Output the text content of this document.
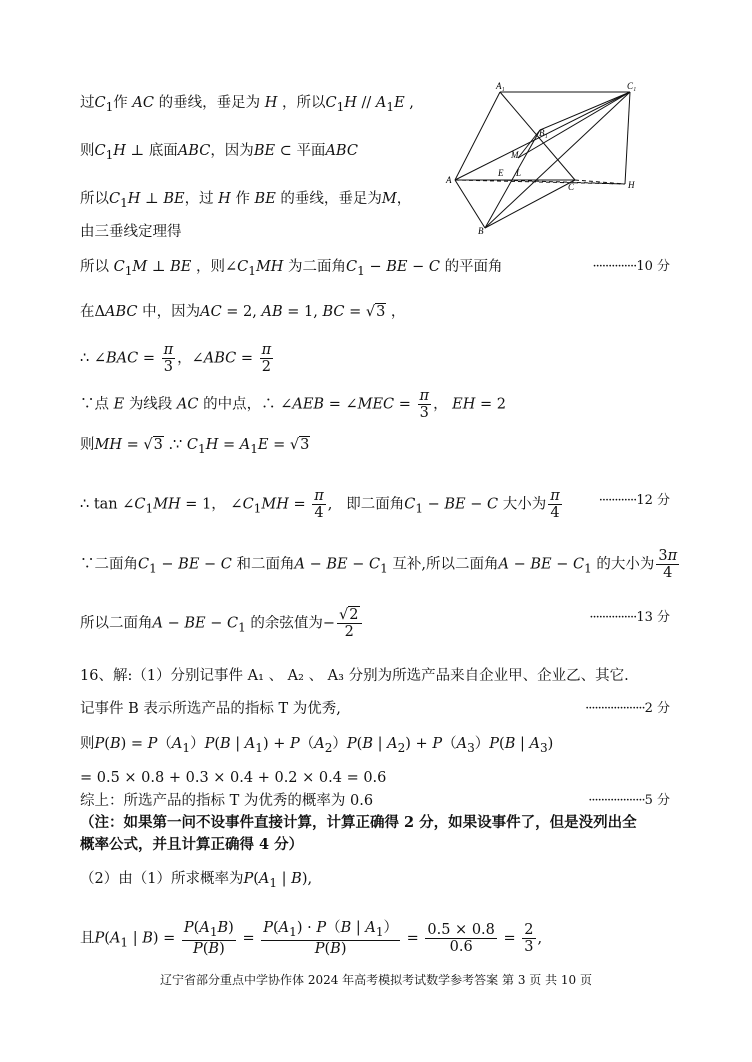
A₁	C₁
B₁
M
E L
A
C	H
B
过$C_1$作 AC 的垂线，垂足为 H ，所以$C_1H // A_1E$ ,
则$C_1H$ ⊥ 底面ABC，因为BE ⊂ 平面ABC
所以$C_1H$ ⊥ BE，过 H 作 BE 的垂线，垂足为M，
由三垂线定理得
所以 $C_1M$ ⊥ BE ，则$\angle C_1MH$ 为二面角$C_1$ − BE − C 的平面角	··············10 分
在ΔABC 中，因为AC = 2, AB = 1, BC = √3 ，
∴ ∠BAC = $\frac{\pi}{3}$ ，∠ABC = $\frac{\pi}{2}$
∵点 E 为线段 AC 的中点，∴ ∠AEB = ∠MEC = $\frac{\pi}{3}$ ， EH = 2
则MH = √3 .∵ $C_1H = A_1E = √3$
∴ $\tan \angle C_1MH = 1$， $\angle C_1MH = \frac{\pi}{4}$ ,   即二面角$C_1$ − BE − C 大小为 $\frac{\pi}{4}$	············12 分
∵二面角$C_1$ − BE − C 和二面角A − BE − $C_1$ 互补,所以二面角A − BE − $C_1$ 的大小为 $\frac{3\pi}{4}$
所以二面角A − BE − $C_1$ 的余弦值为− $\frac{√2}{2}$	···············13 分
16、解:（1）分别记事件 A₁ 、 A₂ 、 A₃ 分别为所选产品来自企业甲、企业乙、其它.
记事件 B 表示所选产品的指标 T 为优秀,	···················2 分
则$P(B) = P(A_1)P(B$ | $A_1) + P(A_2)P(B$ | $A_2) + P(A_3)P(B$ | $A_3$)
= 0.5 × 0.8 + 0.3 × 0.4 + 0.2 × 0.4 = 0.6
综上：所选产品的指标 T 为优秀的概率为 0.6	··················5 分
（注：如果第一问不设事件直接计算，计算正确得 2 分，如果设事件了，但是没列出全
概率公式，并且计算正确得 4 分）
（2）由（1）所求概率为$P(A_1$ | B),
且$P(A_1$ | $B) = \frac{P(A_1B)}{P(B)} = \frac{P(A_1) \cdot P(B | A_1)}{P(B)} = \frac{0.5 \times 0.8}{0.6} = \frac{2}{3}$ ,
辽宁省部分重点中学协作体 2024 年高考模拟考试数学参考答案 第 3 页 共 10 页
